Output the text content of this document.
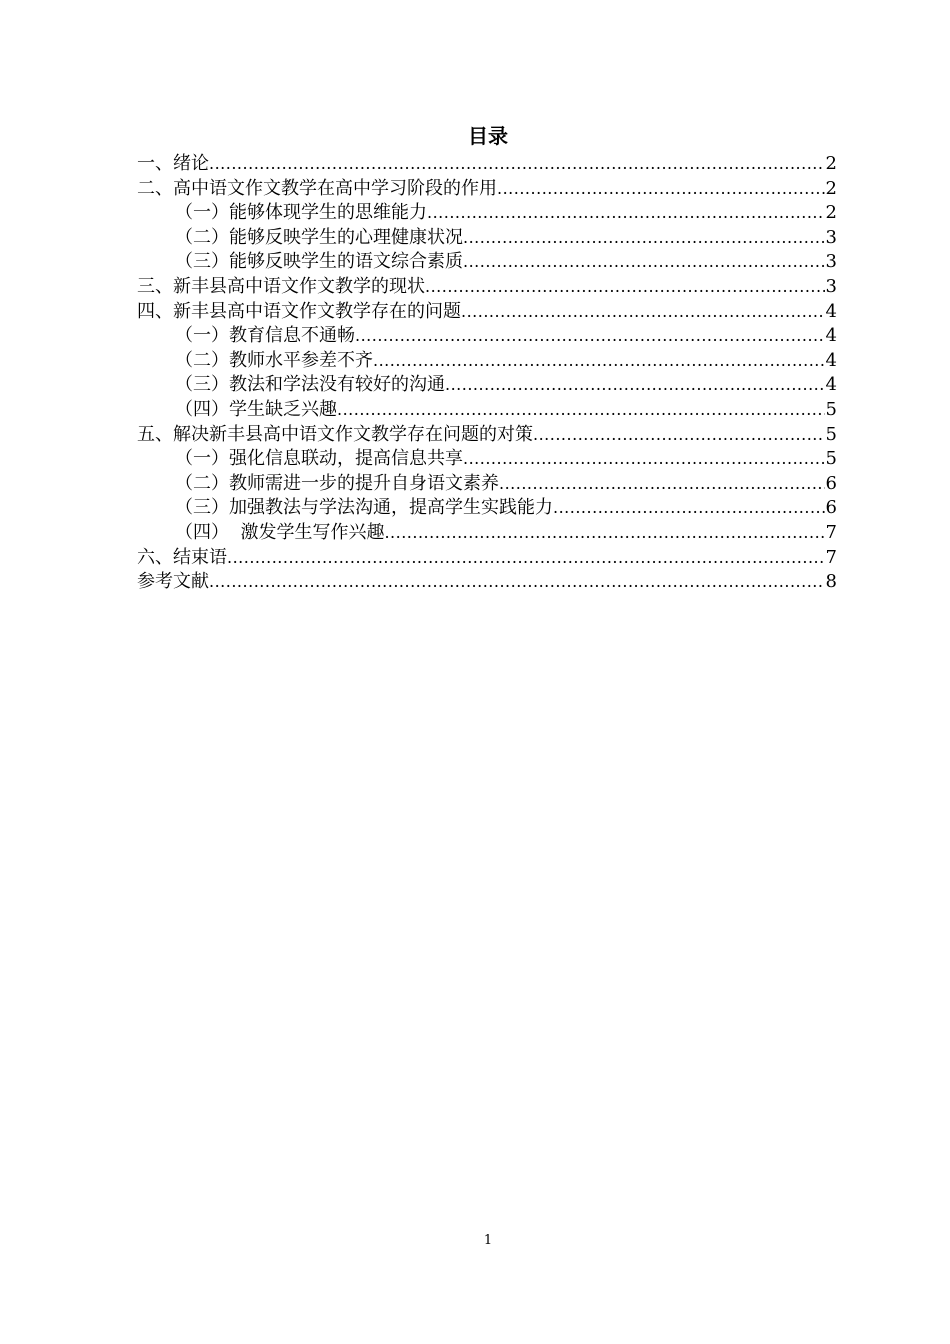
目录
一、绪论 .....	2
二、高中语文作文教学在高中学习阶段的作用 .....	2
（一）能够体现学生的思维能力 .....	2
（二）能够反映学生的心理健康状况 .....	3
（三）能够反映学生的语文综合素质 .....	3
三、新丰县高中语文作文教学的现状 .....	3
四、新丰县高中语文作文教学存在的问题 .....	4
（一）教育信息不通畅 .....	4
（二）教师水平参差不齐 .....	4
（三）教法和学法没有较好的沟通 .....	4
（四）学生缺乏兴趣 .....	5
五、解决新丰县高中语文作文教学存在问题的对策 .....	5
（一）强化信息联动，提高信息共享 .....	5
（二）教师需进一步的提升自身语文素养 .....	6
（三）加强教法与学法沟通，提高学生实践能力 .....	6
（四）  激发学生写作兴趣 .....	7
六、结束语 .....	7
参考文献 .....	8
1
